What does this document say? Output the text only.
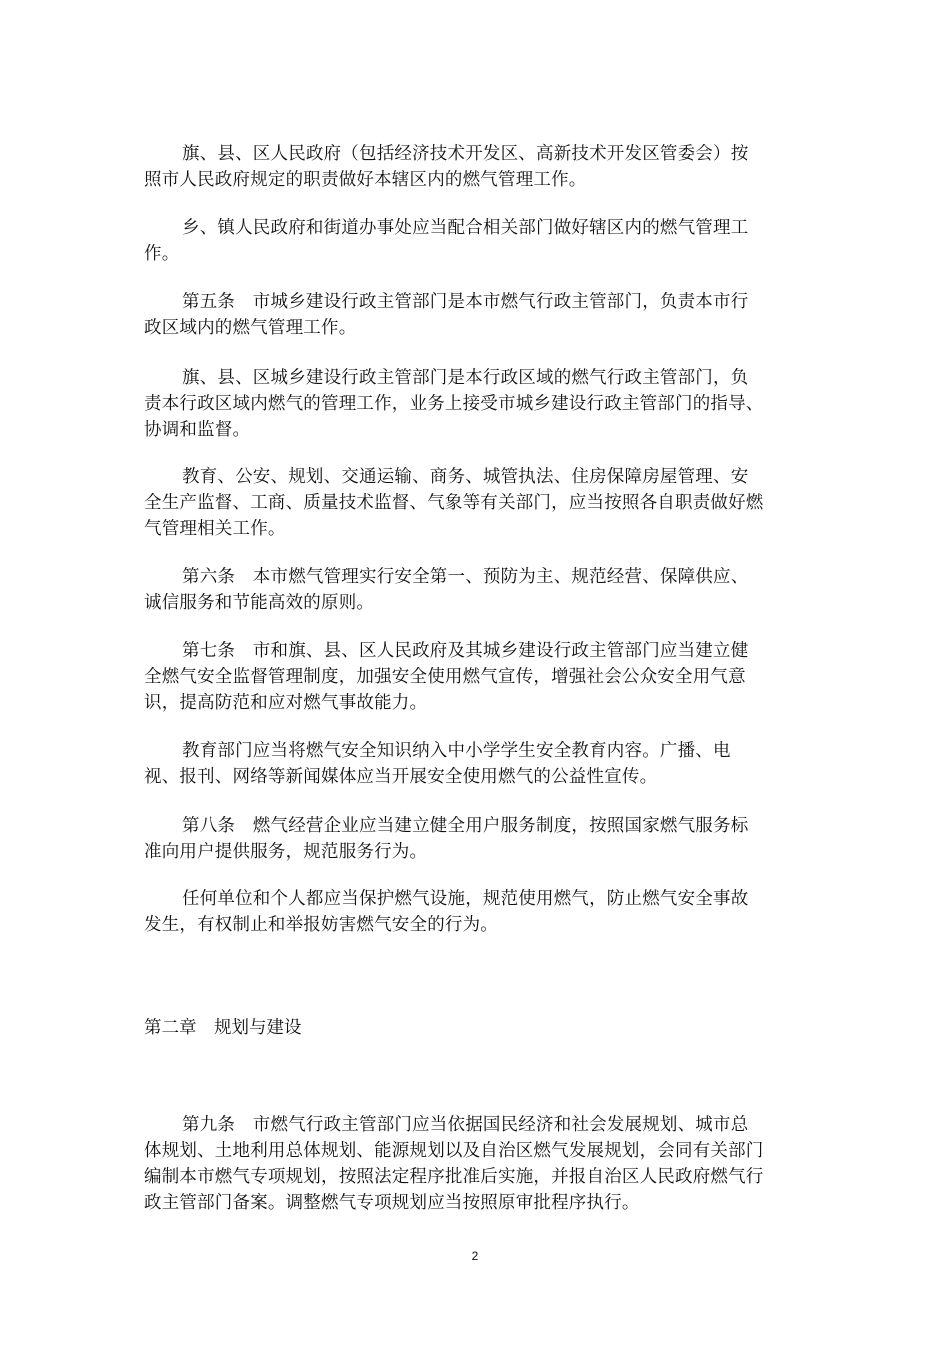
旗、县、区人民政府（包括经济技术开发区、高新技术开发区管委会）按照市人民政府规定的职责做好本辖区内的燃气管理工作。

乡、镇人民政府和街道办事处应当配合相关部门做好辖区内的燃气管理工作。

第五条　市城乡建设行政主管部门是本市燃气行政主管部门，负责本市行政区域内的燃气管理工作。

旗、县、区城乡建设行政主管部门是本行政区域的燃气行政主管部门，负责本行政区域内燃气的管理工作，业务上接受市城乡建设行政主管部门的指导、协调和监督。

教育、公安、规划、交通运输、商务、城管执法、住房保障房屋管理、安全生产监督、工商、质量技术监督、气象等有关部门，应当按照各自职责做好燃气管理相关工作。

第六条　本市燃气管理实行安全第一、预防为主、规范经营、保障供应、诚信服务和节能高效的原则。

第七条　市和旗、县、区人民政府及其城乡建设行政主管部门应当建立健全燃气安全监督管理制度，加强安全使用燃气宣传，增强社会公众安全用气意识，提高防范和应对燃气事故能力。

教育部门应当将燃气安全知识纳入中小学学生安全教育内容。广播、电视、报刊、网络等新闻媒体应当开展安全使用燃气的公益性宣传。

第八条　燃气经营企业应当建立健全用户服务制度，按照国家燃气服务标准向用户提供服务，规范服务行为。

任何单位和个人都应当保护燃气设施，规范使用燃气，防止燃气安全事故发生，有权制止和举报妨害燃气安全的行为。

第二章　规划与建设

第九条　市燃气行政主管部门应当依据国民经济和社会发展规划、城市总体规划、土地利用总体规划、能源规划以及自治区燃气发展规划，会同有关部门编制本市燃气专项规划，按照法定程序批准后实施，并报自治区人民政府燃气行政主管部门备案。调整燃气专项规划应当按照原审批程序执行。

2
